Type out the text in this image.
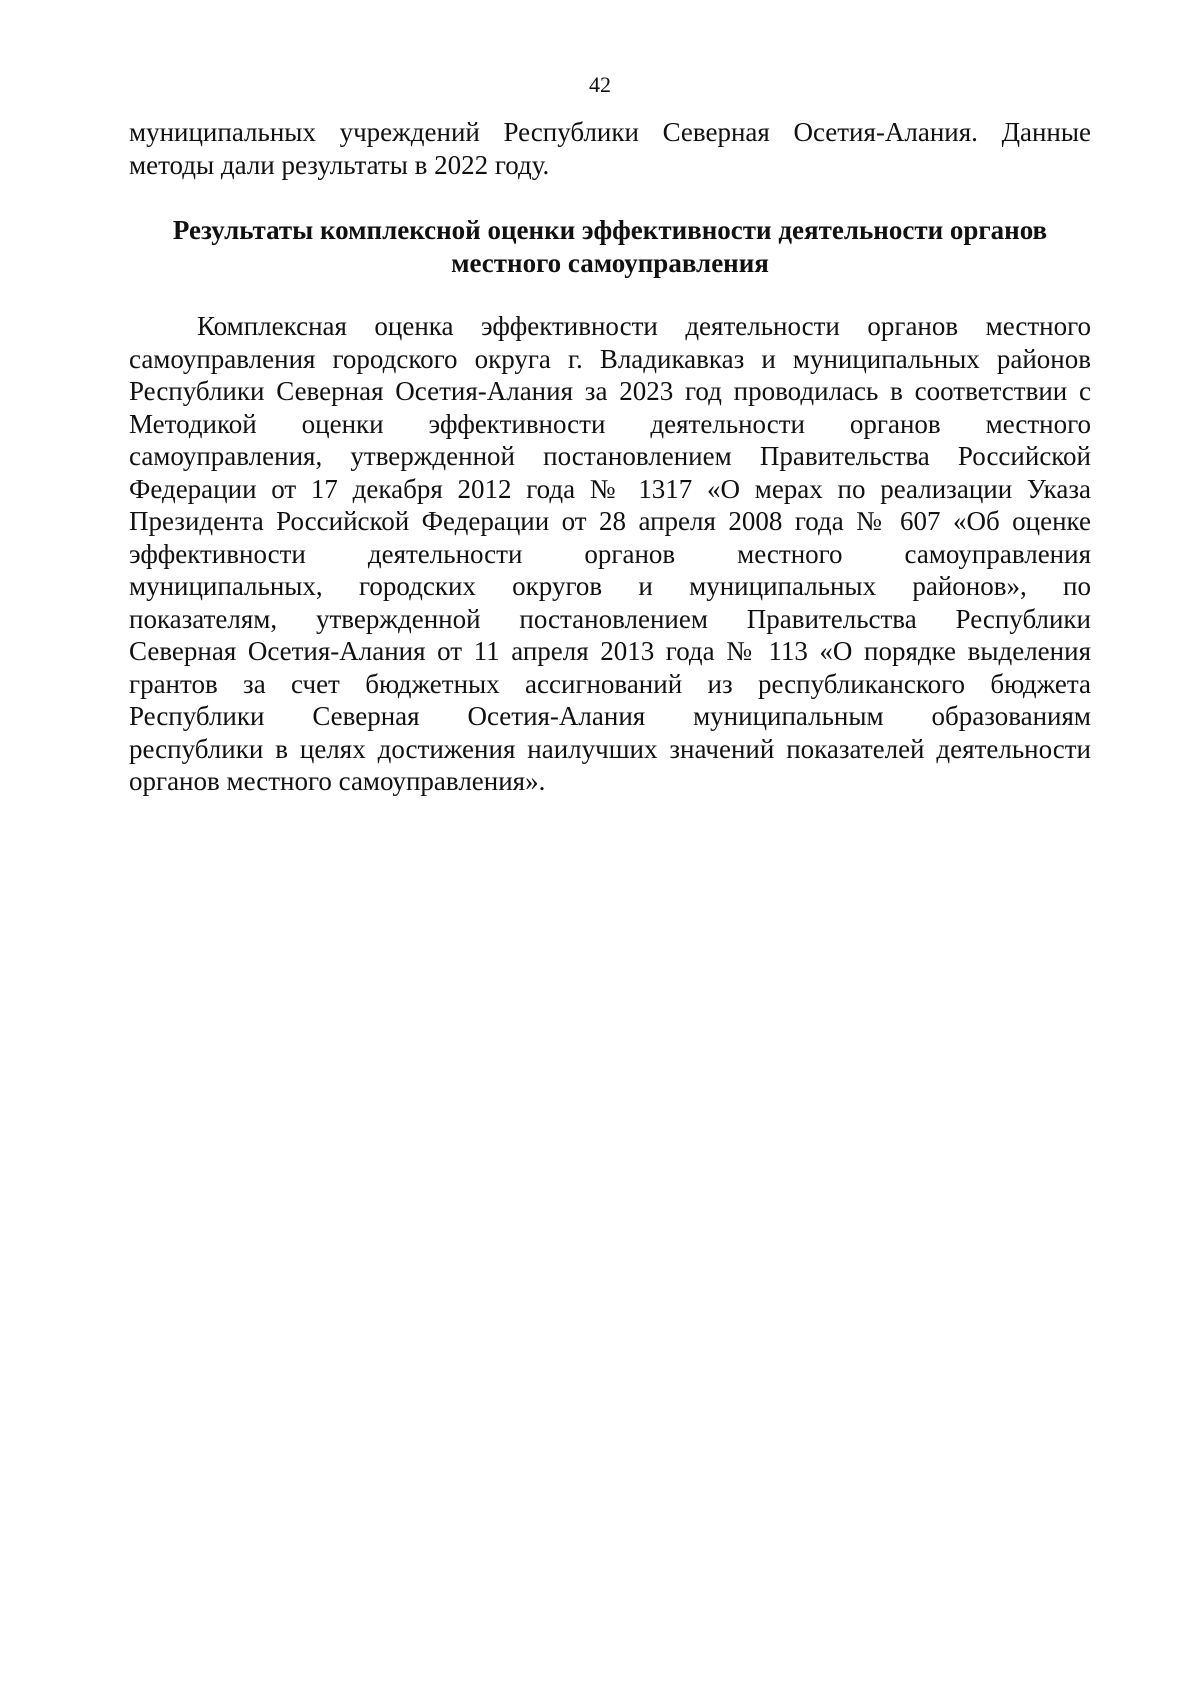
42
муниципальных учреждений Республики Северная Осетия-Алания. Данные
методы дали результаты в 2022 году.
Результаты комплексной оценки эффективности деятельности органов
местного самоуправления
Комплексная оценка эффективности деятельности органов местного
самоуправления городского округа г. Владикавказ и муниципальных районов
Республики Северная Осетия-Алания за 2023 год проводилась в соответствии с
Методикой оценки эффективности деятельности органов местного
самоуправления, утвержденной постановлением Правительства Российской
Федерации от 17 декабря 2012 года № 1317 «О мерах по реализации Указа
Президента Российской Федерации от 28 апреля 2008 года № 607 «Об оценке
эффективности деятельности органов местного самоуправления
муниципальных, городских округов и муниципальных районов», по
показателям, утвержденной постановлением Правительства Республики
Северная Осетия-Алания от 11 апреля 2013 года № 113 «О порядке выделения
грантов за счет бюджетных ассигнований из республиканского бюджета
Республики Северная Осетия-Алания муниципальным образованиям
республики в целях достижения наилучших значений показателей деятельности
органов местного самоуправления».
